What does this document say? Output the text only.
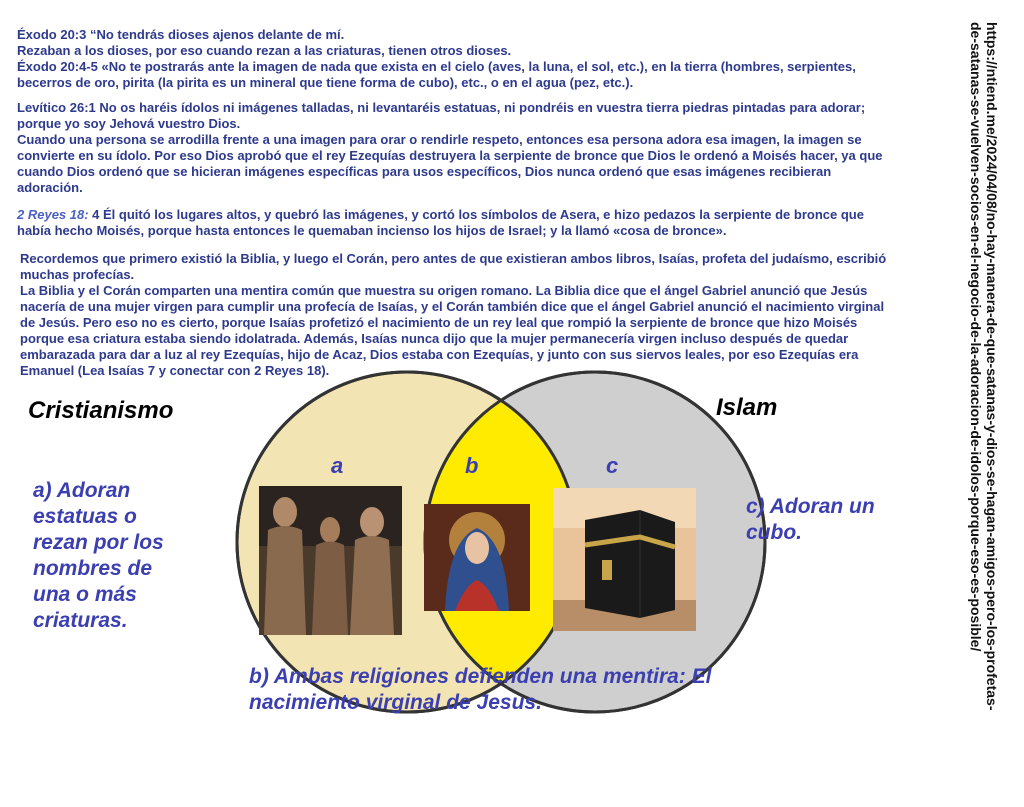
Éxodo 20:3 “No tendrás dioses ajenos delante de mí.

Rezaban a los dioses, por eso cuando rezan a las criaturas, tienen otros dioses.

Éxodo 20:4-5 «No te postrarás ante la imagen de nada que exista en el cielo (aves, la luna, el sol, etc.), en la tierra (hombres, serpientes, becerros de oro, pirita (la pirita es un mineral que tiene forma de cubo), etc., o en el agua (pez, etc.).

Levítico 26:1 No os haréis ídolos ni imágenes talladas, ni levantaréis estatuas, ni pondréis en vuestra tierra piedras pintadas para adorar; porque yo soy Jehová vuestro Dios.

Cuando una persona se arrodilla frente a una imagen para orar o rendirle respeto, entonces esa persona adora esa imagen, la imagen se convierte en su ídolo. Por eso Dios aprobó que el rey Ezequías destruyera la serpiente de bronce que Dios le ordenó a Moisés hacer, ya que cuando Dios ordenó que se hicieran imágenes específicas para usos específicos, Dios nunca ordenó que esas imágenes recibieran adoración.

2 Reyes 18: 4 Él quitó los lugares altos, y quebró las imágenes, y cortó los símbolos de Asera, e hizo pedazos la serpiente de bronce que había hecho Moisés, porque hasta entonces le quemaban incienso los hijos de Israel; y la llamó «cosa de bronce».

Recordemos que primero existió la Biblia, y luego el Corán, pero antes de que existieran ambos libros, Isaías, profeta del judaísmo, escribió muchas profecías.

La Biblia y el Corán comparten una mentira común que muestra su origen romano. La Biblia dice que el ángel Gabriel anunció que Jesús nacería de una mujer virgen para cumplir una profecía de Isaías, y el Corán también dice que el ángel Gabriel anunció el nacimiento virginal de Jesús. Pero eso no es cierto, porque Isaías profetizó el nacimiento de un rey leal que rompió la serpiente de bronce que hizo Moisés porque esa criatura estaba siendo idolatrada. Además, Isaías nunca dijo que la mujer permanecería virgen incluso después de quedar embarazada para dar a luz al rey Ezequías, hijo de Acaz, Dios estaba con Ezequías, y junto con sus siervos leales, por eso Ezequías era Emanuel (Lea Isaías 7 y conectar con 2 Reyes 18).	https://ntiend.me/2024/04/08/no-hay-manera-de-que-satanas-y-dios-se-hagan-amigos-pero-los-profetas-de-satanas-se-vuelven-socios-en-el-negocio-de-la-adoracion-de-idolos-porque-eso-es-posible/

Cristianismo	Islam
a	b	c
a) Adoran estatuas o rezan por los nombres de una o más criaturas.
c) Adoran un cubo.
b) Ambas religiones defienden una mentira: El nacimiento virginal de Jesus.
